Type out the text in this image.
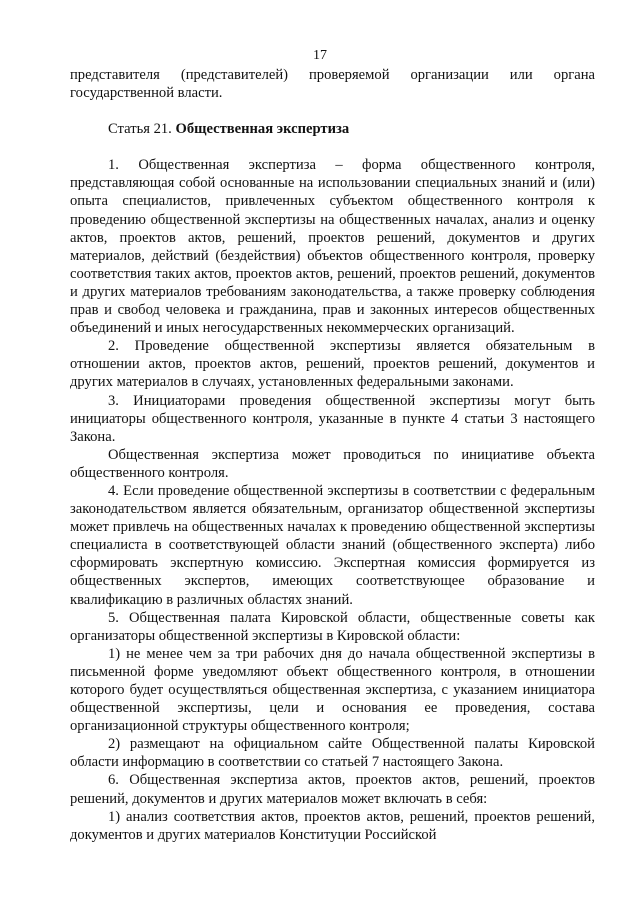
17

представителя (представителей) проверяемой организации или органа государственной власти.

Статья 21. Общественная экспертиза

1. Общественная экспертиза – форма общественного контроля, представляющая собой основанные на использовании специальных знаний и (или) опыта специалистов, привлеченных субъектом общественного контроля к проведению общественной экспертизы на общественных началах, анализ и оценку актов, проектов актов, решений, проектов решений, документов и других материалов, действий (бездействия) объектов общественного контроля, проверку соответствия таких актов, проектов актов, решений, проектов решений, документов и других материалов требованиям законодательства, а также проверку соблюдения прав и свобод человека и гражданина, прав и законных интересов общественных объединений и иных негосударственных некоммерческих организаций.

2. Проведение общественной экспертизы является обязательным в отношении актов, проектов актов, решений, проектов решений, документов и других материалов в случаях, установленных федеральными законами.

3. Инициаторами проведения общественной экспертизы могут быть инициаторы общественного контроля, указанные в пункте 4 статьи 3 настоящего Закона.

Общественная экспертиза может проводиться по инициативе объекта общественного контроля.

4. Если проведение общественной экспертизы в соответствии с федеральным законодательством является обязательным, организатор общественной экспертизы может привлечь на общественных началах к проведению общественной экспертизы специалиста в соответствующей области знаний (общественного эксперта) либо сформировать экспертную комиссию. Экспертная комиссия формируется из общественных экспертов, имеющих соответствующее образование и квалификацию в различных областях знаний.

5. Общественная палата Кировской области, общественные советы как организаторы общественной экспертизы в Кировской области:

1) не менее чем за три рабочих дня до начала общественной экспертизы в письменной форме уведомляют объект общественного контроля, в отношении которого будет осуществляться общественная экспертиза, с указанием инициатора общественной экспертизы, цели и основания ее проведения, состава организационной структуры общественного контроля;

2) размещают на официальном сайте Общественной палаты Кировской области информацию в соответствии со статьей 7 настоящего Закона.

6. Общественная экспертиза актов, проектов актов, решений, проектов решений, документов и других материалов может включать в себя:

1) анализ соответствия актов, проектов актов, решений, проектов решений, документов и других материалов Конституции Российской
